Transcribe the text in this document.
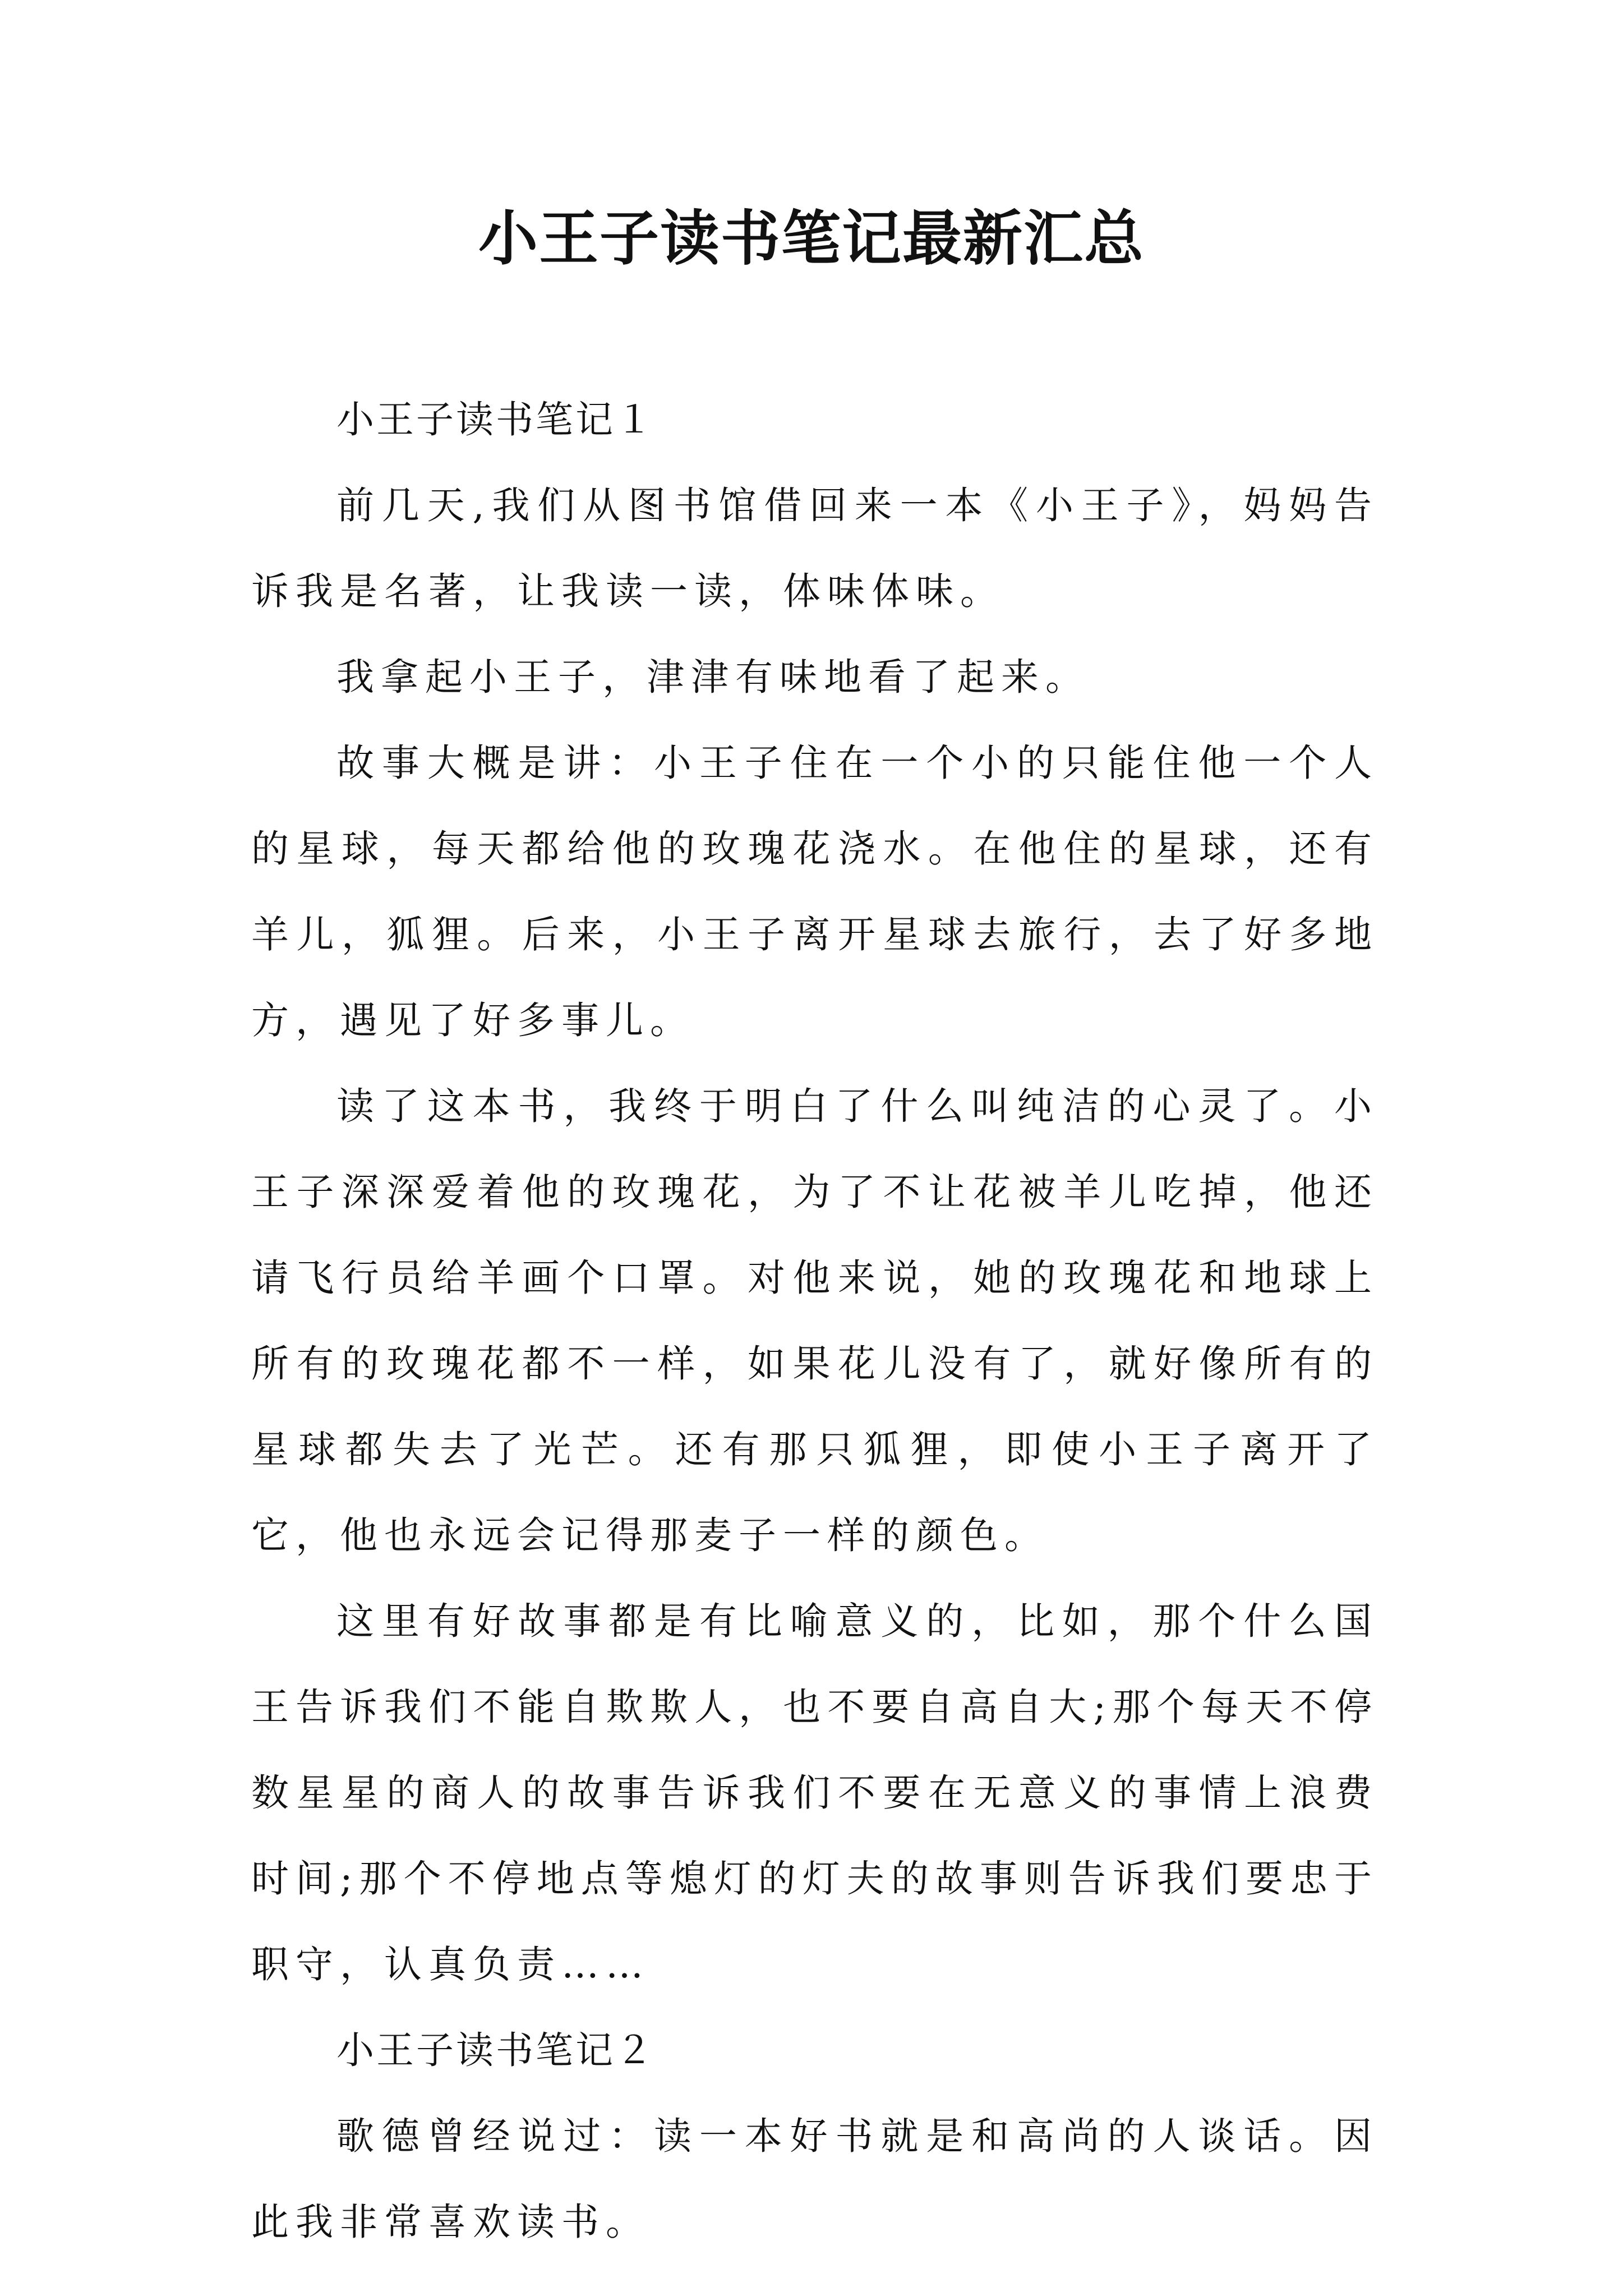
小王子读书笔记最新汇总

小王子读书笔记１

前几天,我们从图书馆借回来一本《小王子》，妈妈告诉我是名著，让我读一读，体味体味。

我拿起小王子，津津有味地看了起来。

故事大概是讲：小王子住在一个小的只能住他一个人的星球，每天都给他的玫瑰花浇水。在他住的星球，还有羊儿，狐狸。后来，小王子离开星球去旅行，去了好多地方，遇见了好多事儿。

读了这本书，我终于明白了什么叫纯洁的心灵了。小王子深深爱着他的玫瑰花，为了不让花被羊儿吃掉，他还请飞行员给羊画个口罩。对他来说，她的玫瑰花和地球上所有的玫瑰花都不一样，如果花儿没有了，就好像所有的星球都失去了光芒。还有那只狐狸，即使小王子离开了它，他也永远会记得那麦子一样的颜色。

这里有好故事都是有比喻意义的，比如，那个什么国王告诉我们不能自欺欺人，也不要自高自大;那个每天不停数星星的商人的故事告诉我们不要在无意义的事情上浪费时间;那个不停地点等熄灯的灯夫的故事则告诉我们要忠于职守，认真负责……

小王子读书笔记２

歌德曾经说过：读一本好书就是和高尚的人谈话。因此我非常喜欢读书。
